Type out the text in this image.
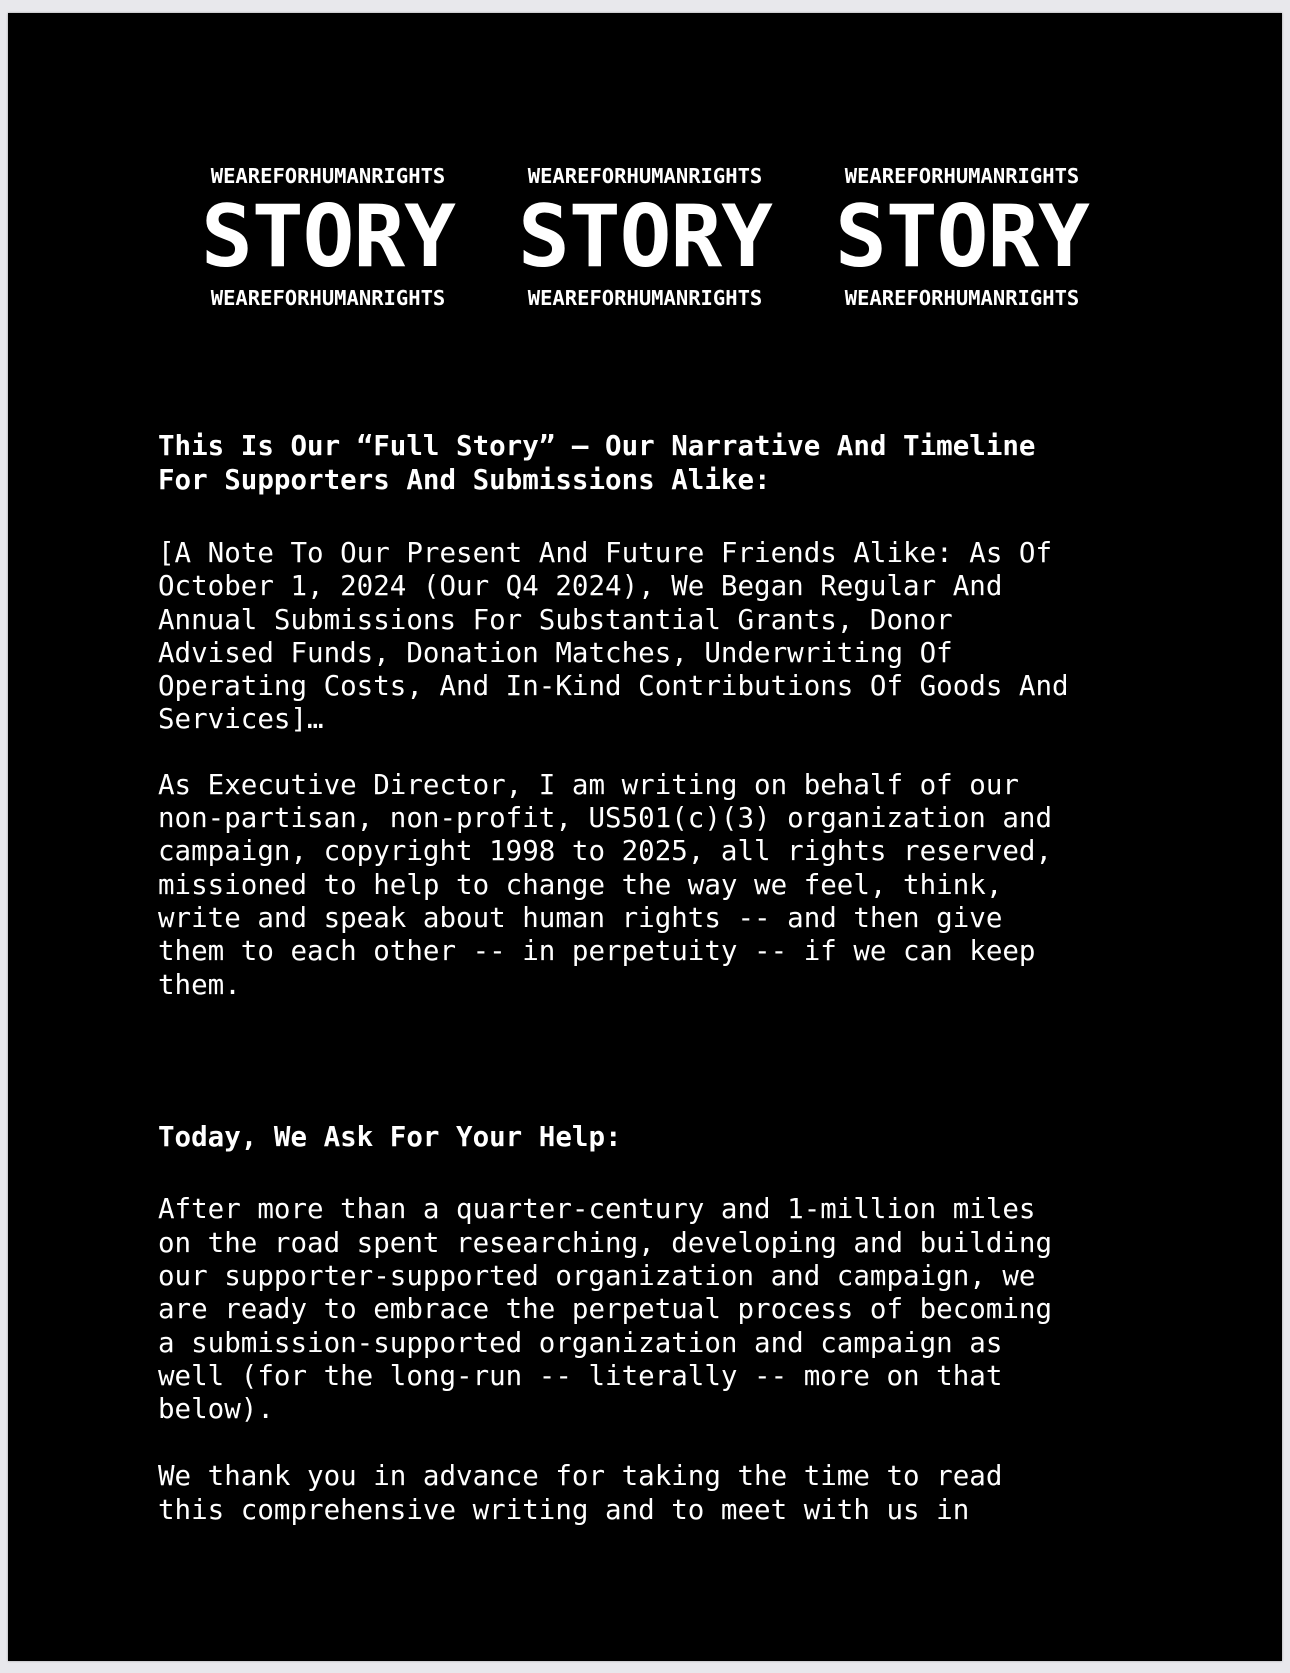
WEAREFORHUMANRIGHTS
STORY
WEAREFORHUMANRIGHTS
WEAREFORHUMANRIGHTS
STORY
WEAREFORHUMANRIGHTS
WEAREFORHUMANRIGHTS
STORY
WEAREFORHUMANRIGHTS

This Is Our “Full Story” – Our Narrative And Timeline
For Supporters And Submissions Alike:

[A Note To Our Present And Future Friends Alike: As Of
October 1, 2024 (Our Q4 2024), We Began Regular And
Annual Submissions For Substantial Grants, Donor
Advised Funds, Donation Matches, Underwriting Of
Operating Costs, And In-Kind Contributions Of Goods And
Services]…

As Executive Director, I am writing on behalf of our
non-partisan, non-profit, US501(c)(3) organization and
campaign, copyright 1998 to 2025, all rights reserved,
missioned to help to change the way we feel, think,
write and speak about human rights -- and then give
them to each other -- in perpetuity -- if we can keep
them.

Today, We Ask For Your Help:

After more than a quarter-century and 1-million miles
on the road spent researching, developing and building
our supporter-supported organization and campaign, we
are ready to embrace the perpetual process of becoming
a submission-supported organization and campaign as
well (for the long-run -- literally -- more on that
below).

We thank you in advance for taking the time to read
this comprehensive writing and to meet with us in
